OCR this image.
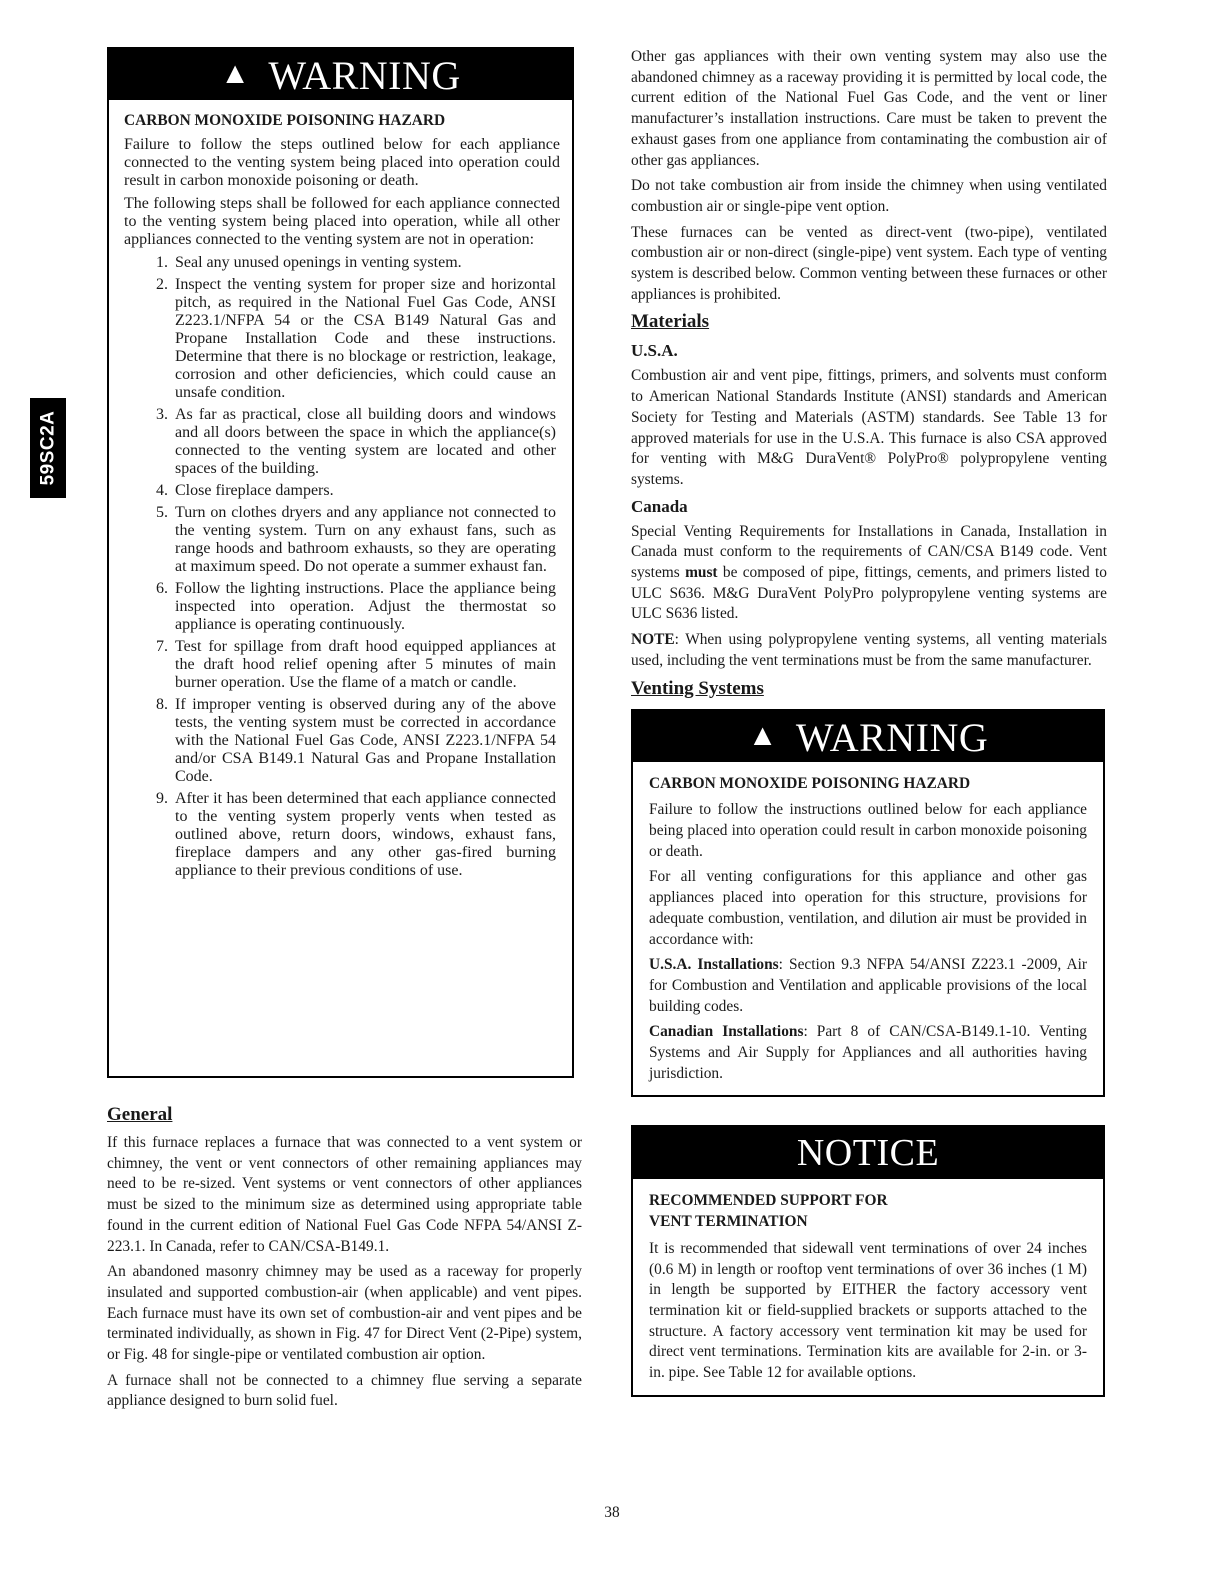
59SC2A
▲ WARNING
CARBON MONOXIDE POISONING HAZARD

Failure to follow the steps outlined below for each appliance connected to the venting system being placed into operation could result in carbon monoxide poisoning or death.

The following steps shall be followed for each appliance connected to the venting system being placed into operation, while all other appliances connected to the venting system are not in operation:

1. Seal any unused openings in venting system.
2. Inspect the venting system for proper size and horizontal pitch, as required in the National Fuel Gas Code, ANSI Z223.1/NFPA 54 or the CSA B149 Natural Gas and Propane Installation Code and these instructions. Determine that there is no blockage or restriction, leakage, corrosion and other deficiencies, which could cause an unsafe condition.
3. As far as practical, close all building doors and windows and all doors between the space in which the appliance(s) connected to the venting system are located and other spaces of the building.
4. Close fireplace dampers.
5. Turn on clothes dryers and any appliance not connected to the venting system. Turn on any exhaust fans, such as range hoods and bathroom exhausts, so they are operating at maximum speed. Do not operate a summer exhaust fan.
6. Follow the lighting instructions. Place the appliance being inspected into operation. Adjust the thermostat so appliance is operating continuously.
7. Test for spillage from draft hood equipped appliances at the draft hood relief opening after 5 minutes of main burner operation. Use the flame of a match or candle.
8. If improper venting is observed during any of the above tests, the venting system must be corrected in accordance with the National Fuel Gas Code, ANSI Z223.1/NFPA 54 and/or CSA B149.1 Natural Gas and Propane Installation Code.
9. After it has been determined that each appliance connected to the venting system properly vents when tested as outlined above, return doors, windows, exhaust fans, fireplace dampers and any other gas-fired burning appliance to their previous conditions of use.
General

If this furnace replaces a furnace that was connected to a vent system or chimney, the vent or vent connectors of other remaining appliances may need to be re-sized. Vent systems or vent connectors of other appliances must be sized to the minimum size as determined using appropriate table found in the current edition of National Fuel Gas Code NFPA 54/ANSI Z-223.1. In Canada, refer to CAN/CSA-B149.1.

An abandoned masonry chimney may be used as a raceway for properly insulated and supported combustion-air (when applicable) and vent pipes. Each furnace must have its own set of combustion-air and vent pipes and be terminated individually, as shown in Fig. 47 for Direct Vent (2-Pipe) system, or Fig. 48 for single-pipe or ventilated combustion air option.

A furnace shall not be connected to a chimney flue serving a separate appliance designed to burn solid fuel.

Other gas appliances with their own venting system may also use the abandoned chimney as a raceway providing it is permitted by local code, the current edition of the National Fuel Gas Code, and the vent or liner manufacturer’s installation instructions. Care must be taken to prevent the exhaust gases from one appliance from contaminating the combustion air of other gas appliances.

Do not take combustion air from inside the chimney when using ventilated combustion air or single-pipe vent option.

These furnaces can be vented as direct-vent (two-pipe), ventilated combustion air or non-direct (single-pipe) vent system. Each type of venting system is described below. Common venting between these furnaces or other appliances is prohibited.

Materials
U.S.A.

Combustion air and vent pipe, fittings, primers, and solvents must conform to American National Standards Institute (ANSI) standards and American Society for Testing and Materials (ASTM) standards. See Table 13 for approved materials for use in the U.S.A. This furnace is also CSA approved for venting with M&G DuraVent® PolyPro® polypropylene venting systems.

Canada

Special Venting Requirements for Installations in Canada, Installation in Canada must conform to the requirements of CAN/CSA B149 code. Vent systems must be composed of pipe, fittings, cements, and primers listed to ULC S636. M&G DuraVent PolyPro polypropylene venting systems are ULC S636 listed.

NOTE: When using polypropylene venting systems, all venting materials used, including the vent terminations must be from the same manufacturer.

Venting Systems
▲ WARNING
CARBON MONOXIDE POISONING HAZARD

Failure to follow the instructions outlined below for each appliance being placed into operation could result in carbon monoxide poisoning or death.

For all venting configurations for this appliance and other gas appliances placed into operation for this structure, provisions for adequate combustion, ventilation, and dilution air must be provided in accordance with:

U.S.A. Installations: Section 9.3 NFPA 54/ANSI Z223.1 -2009, Air for Combustion and Ventilation and applicable provisions of the local building codes.

Canadian Installations: Part 8 of CAN/CSA-B149.1-10. Venting Systems and Air Supply for Appliances and all authorities having jurisdiction.

NOTICE
RECOMMENDED SUPPORT FOR
VENT TERMINATION

It is recommended that sidewall vent terminations of over 24 inches (0.6 M) in length or rooftop vent terminations of over 36 inches (1 M) in length be supported by EITHER the factory accessory vent termination kit or field-supplied brackets or supports attached to the structure. A factory accessory vent termination kit may be used for direct vent terminations. Termination kits are available for 2-in. or 3-in. pipe. See Table 12 for available options.

38
